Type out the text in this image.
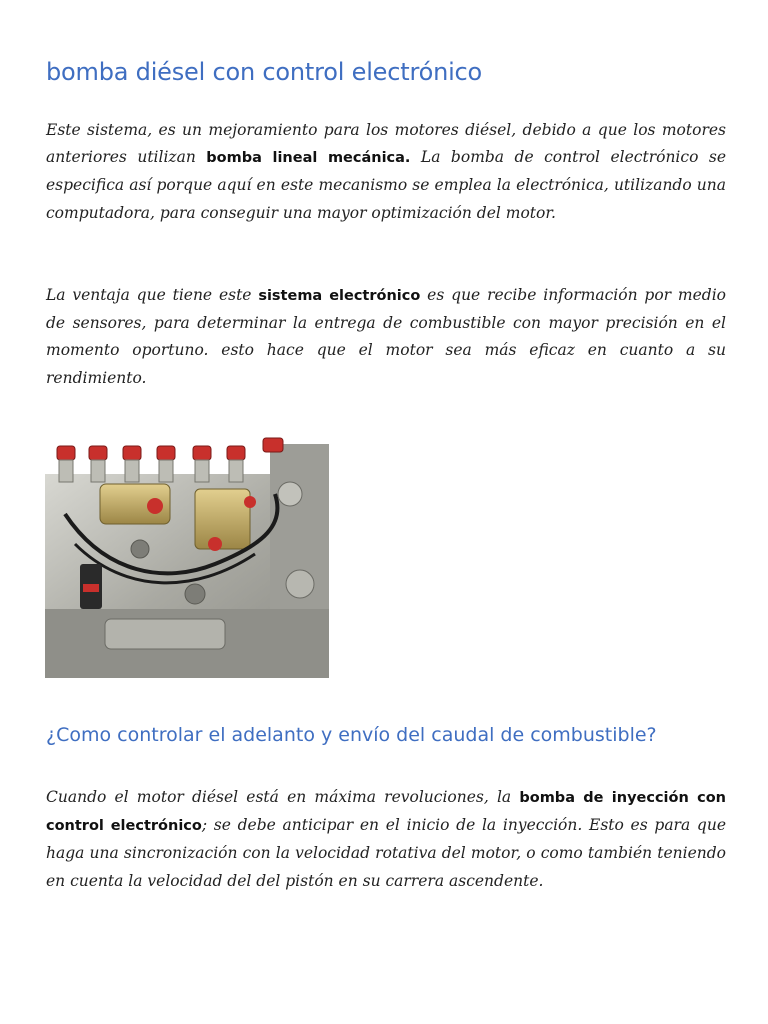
bomba diésel con control electrónico

Este sistema, es un mejoramiento para los motores diésel, debido a que los motores anteriores utilizan bomba lineal mecánica. La bomba de control electrónico se especifica así porque aquí en este mecanismo se emplea la electrónica, utilizando una computadora, para conseguir una mayor optimización del motor.

La ventaja que tiene este sistema electrónico es que recibe información por medio de sensores, para determinar la entrega de combustible con mayor precisión en el momento oportuno. esto hace que el motor sea más eficaz en cuanto a su rendimiento.

¿Como controlar el adelanto y envío del caudal de combustible?

Cuando el motor diésel está en máxima revoluciones, la bomba de inyección con control electrónico; se debe anticipar en el inicio de la inyección. Esto es para que haga una sincronización con la velocidad rotativa del motor, o como también teniendo en cuenta la velocidad del del pistón en su carrera ascendente.
